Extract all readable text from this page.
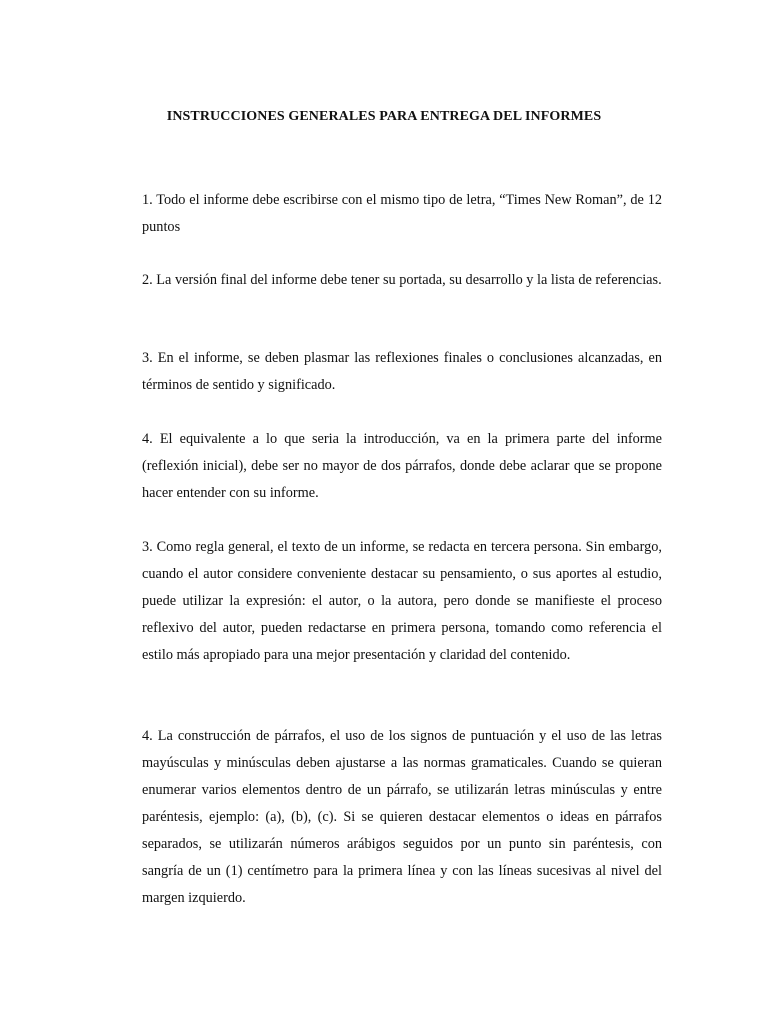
INSTRUCCIONES GENERALES PARA ENTREGA DEL INFORMES

1. Todo el informe debe escribirse con el mismo tipo de letra, “Times New Roman”, de 12 puntos

2. La versión final del informe debe tener su portada, su desarrollo y la lista de referencias.

3. En el informe, se deben plasmar las reflexiones finales o conclusiones alcanzadas, en términos de sentido y significado.

4. El equivalente a lo que seria la introducción, va en la primera parte del informe (reflexión inicial), debe ser no mayor de dos párrafos, donde debe aclarar que se propone hacer entender con su informe.

3. Como regla general, el texto de un informe, se redacta en tercera persona. Sin embargo, cuando el autor considere conveniente destacar su pensamiento, o sus aportes al estudio, puede utilizar la expresión: el autor, o la autora, pero donde se manifieste el proceso reflexivo del autor, pueden redactarse en primera persona, tomando como referencia el estilo más apropiado para una mejor presentación y claridad del contenido.

4. La construcción de párrafos, el uso de los signos de puntuación y el uso de las letras mayúsculas y minúsculas deben ajustarse a las normas gramaticales. Cuando se quieran enumerar varios elementos dentro de un párrafo, se utilizarán letras minúsculas y entre paréntesis, ejemplo: (a), (b), (c). Si se quieren destacar elementos o ideas en párrafos separados, se utilizarán números arábigos seguidos por un punto sin paréntesis, con sangría de un (1) centímetro para la primera línea y con las líneas sucesivas al nivel del margen izquierdo.
